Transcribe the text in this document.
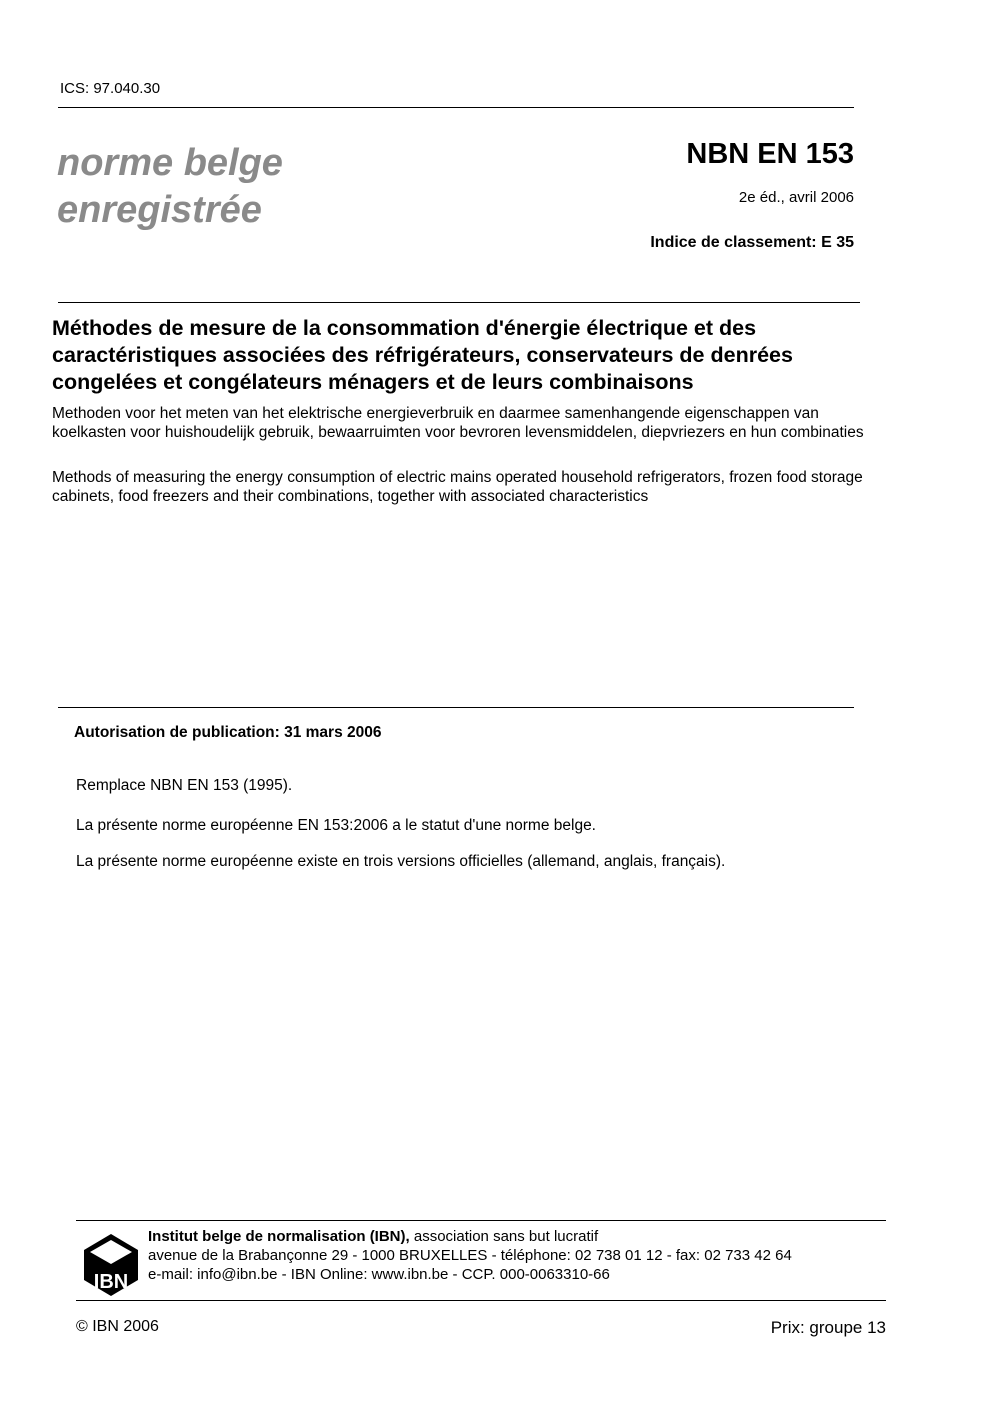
ICS: 97.040.30
norme belge
enregistrée
NBN EN 153
2e éd., avril 2006
Indice de classement: E 35
Méthodes de mesure de la consommation d'énergie électrique et des caractéristiques associées des réfrigérateurs, conservateurs de denrées congelées et congélateurs ménagers et de leurs combinaisons
Methoden voor het meten van het elektrische energieverbruik en daarmee samenhangende eigenschappen van koelkasten voor huishoudelijk gebruik, bewaarruimten voor bevroren levensmiddelen, diepvriezers en hun combinaties
Methods of measuring the energy consumption of electric mains operated household refrigerators, frozen food storage cabinets, food freezers and their combinations, together with associated characteristics
Autorisation de publication: 31 mars 2006
Remplace NBN EN 153 (1995).
La présente norme européenne EN 153:2006 a le statut d'une norme belge.
La présente norme européenne existe en trois versions officielles (allemand, anglais, français).
IBN
Institut belge de normalisation (IBN), association sans but lucratif
avenue de la Brabançonne 29 - 1000 BRUXELLES - téléphone: 02 738 01 12 - fax: 02 733 42 64
e-mail: info@ibn.be - IBN Online: www.ibn.be - CCP. 000-0063310-66
© IBN 2006	Prix: groupe 13
